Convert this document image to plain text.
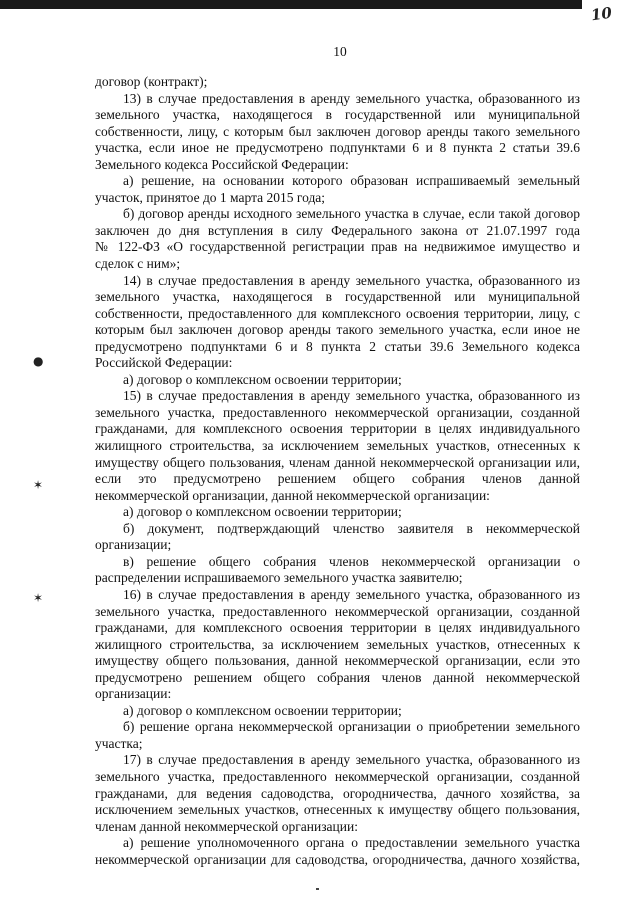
10
10
договор (контракт);
13) в случае предоставления в аренду земельного участка, образованного из
земельного участка, находящегося в государственной или муниципальной
собственности, лицу, с которым был заключен договор аренды такого земельного
участка, если иное не предусмотрено подпунктами 6 и 8 пункта 2 статьи 39.6
Земельного кодекса Российской Федерации:
а) решение, на основании которого образован испрашиваемый земельный
участок, принятое до 1 марта 2015 года;
б) договор аренды исходного земельного участка в случае, если такой договор
заключен до дня вступления в силу Федерального закона от 21.07.1997 года
№ 122-ФЗ «О государственной регистрации прав на недвижимое имущество и
сделок с ним»;
14) в случае предоставления в аренду земельного участка, образованного из
земельного участка, находящегося в государственной или муниципальной
собственности, предоставленного для комплексного освоения территории, лицу, с
которым был заключен договор аренды такого земельного участка, если иное не
предусмотрено подпунктами 6 и 8 пункта 2 статьи 39.6 Земельного кодекса
Российской Федерации:
а) договор о комплексном освоении территории;
15) в случае предоставления в аренду земельного участка, образованного из
земельного участка, предоставленного некоммерческой организации, созданной
гражданами, для комплексного освоения территории в целях индивидуального
жилищного строительства, за исключением земельных участков, отнесенных к
имуществу общего пользования, членам данной некоммерческой организации или,
если это предусмотрено решением общего собрания членов данной
некоммерческой организации, данной некоммерческой организации:
а) договор о комплексном освоении территории;
б) документ, подтверждающий членство заявителя в некоммерческой
организации;
в) решение общего собрания членов некоммерческой организации о
распределении испрашиваемого земельного участка заявителю;
16) в случае предоставления в аренду земельного участка, образованного из
земельного участка, предоставленного некоммерческой организации, созданной
гражданами, для комплексного освоения территории в целях индивидуального
жилищного строительства, за исключением земельных участков, отнесенных к
имуществу общего пользования, данной некоммерческой организации, если это
предусмотрено решением общего собрания членов данной некоммерческой
организации:
а) договор о комплексном освоении территории;
б) решение органа некоммерческой организации о приобретении земельного
участка;
17) в случае предоставления в аренду земельного участка, образованного из
земельного участка, предоставленного некоммерческой организации, созданной
гражданами, для ведения садоводства, огородничества, дачного хозяйства, за
исключением земельных участков, отнесенных к имуществу общего пользования,
членам данной некоммерческой организации:
а) решение уполномоченного органа о предоставлении земельного участка
некоммерческой организации для садоводства, огородничества, дачного хозяйства,
●
✶
✶
